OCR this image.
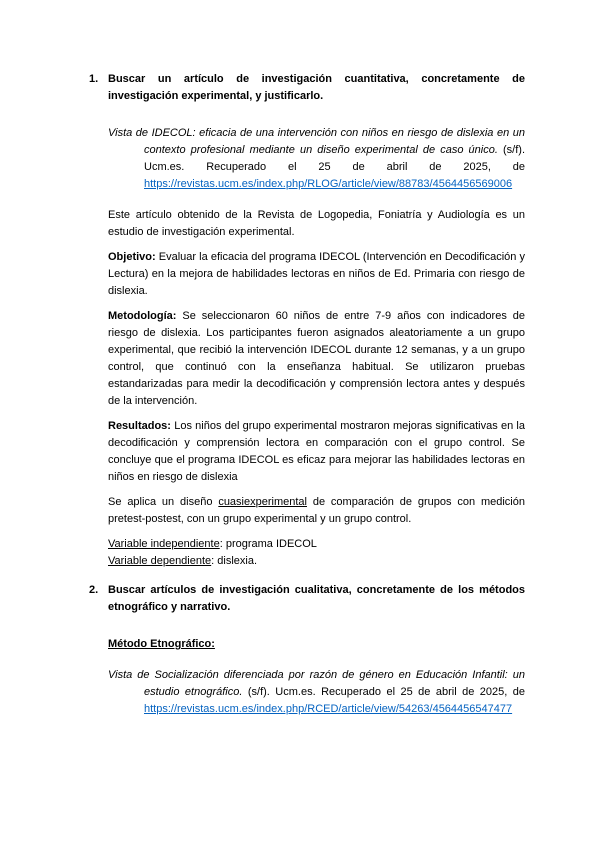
1. Buscar un artículo de investigación cuantitativa, concretamente de investigación experimental, y justificarlo.

Vista de IDECOL: eficacia de una intervención con niños en riesgo de dislexia en un contexto profesional mediante un diseño experimental de caso único. (s/f). Ucm.es. Recuperado el 25 de abril de 2025, de https://revistas.ucm.es/index.php/RLOG/article/view/88783/4564456569006

Este artículo obtenido de la Revista de Logopedia, Foniatría y Audiología es un estudio de investigación experimental.

Objetivo: Evaluar la eficacia del programa IDECOL (Intervención en Decodificación y Lectura) en la mejora de habilidades lectoras en niños de Ed. Primaria con riesgo de dislexia.

Metodología: Se seleccionaron 60 niños de entre 7-9 años con indicadores de riesgo de dislexia. Los participantes fueron asignados aleatoriamente a un grupo experimental, que recibió la intervención IDECOL durante 12 semanas, y a un grupo control, que continuó con la enseñanza habitual. Se utilizaron pruebas estandarizadas para medir la decodificación y comprensión lectora antes y después de la intervención.

Resultados: Los niños del grupo experimental mostraron mejoras significativas en la decodificación y comprensión lectora en comparación con el grupo control. Se concluye que el programa IDECOL es eficaz para mejorar las habilidades lectoras en niños en riesgo de dislexia

Se aplica un diseño cuasiexperimental de comparación de grupos con medición pretest-postest, con un grupo experimental y un grupo control.

Variable independiente: programa IDECOL

Variable dependiente: dislexia.

2. Buscar artículos de investigación cualitativa, concretamente de los métodos etnográfico y narrativo.

Método Etnográfico:

Vista de Socialización diferenciada por razón de género en Educación Infantil: un estudio etnográfico. (s/f). Ucm.es. Recuperado el 25 de abril de 2025, de https://revistas.ucm.es/index.php/RCED/article/view/54263/4564456547477
